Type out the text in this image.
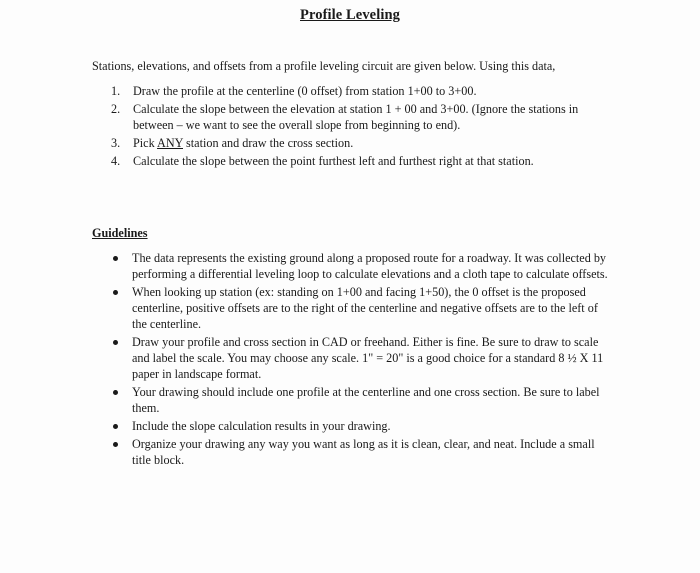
Profile Leveling
Stations, elevations, and offsets from a profile leveling circuit are given below. Using this data,
1. Draw the profile at the centerline (0 offset) from station 1+00 to 3+00.
2. Calculate the slope between the elevation at station 1 + 00 and 3+00. (Ignore the stations in between – we want to see the overall slope from beginning to end).
3. Pick ANY station and draw the cross section.
4. Calculate the slope between the point furthest left and furthest right at that station.
Guidelines
The data represents the existing ground along a proposed route for a roadway. It was collected by performing a differential leveling loop to calculate elevations and a cloth tape to calculate offsets.
When looking up station (ex: standing on 1+00 and facing 1+50), the 0 offset is the proposed centerline, positive offsets are to the right of the centerline and negative offsets are to the left of the centerline.
Draw your profile and cross section in CAD or freehand. Either is fine. Be sure to draw to scale and label the scale. You may choose any scale. 1" = 20" is a good choice for a standard 8 ½ X 11 paper in landscape format.
Your drawing should include one profile at the centerline and one cross section. Be sure to label them.
Include the slope calculation results in your drawing.
Organize your drawing any way you want as long as it is clean, clear, and neat. Include a small title block.
